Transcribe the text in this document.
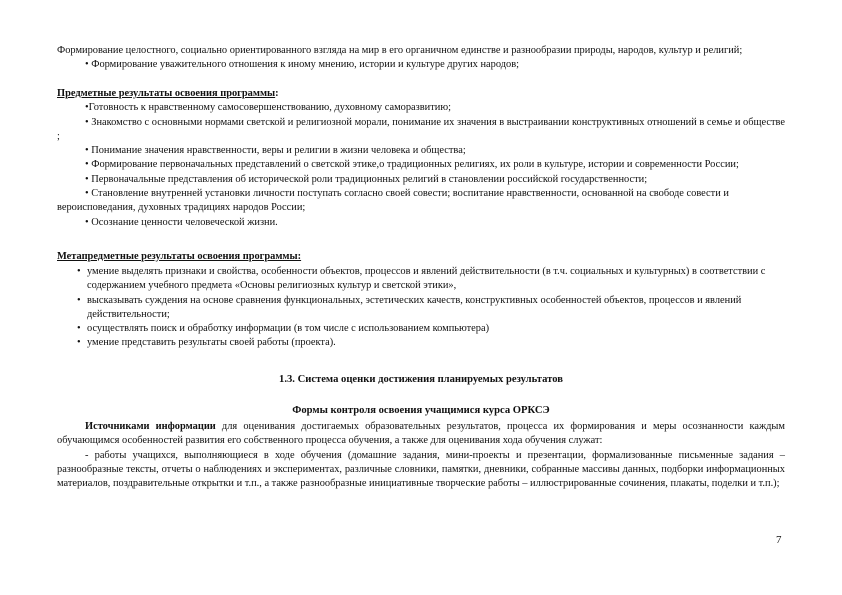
Формирование целостного, социально ориентированного взгляда на мир в его органичном единстве и разнообразии природы, народов, культур и религий;

• Формирование уважительного отношения к иному мнению, истории и культуре других народов;

Предметные результаты освоения программы:

•Готовность к нравственному самосовершенствованию, духовному саморазвитию;

• Знакомство с основными нормами светской и религиозной морали, понимание их значения в выстраивании конструктивных отношений в семье и обществе ;

• Понимание значения нравственности, веры и религии в жизни человека и общества;

• Формирование первоначальных представлений о светской этике,о традиционных религиях, их роли в культуре, истории и современности России;

• Первоначальные представления об исторической роли традиционных религий в становлении российской государственности;

• Становление внутренней установки личности поступать согласно своей совести; воспитание нравственности, основанной на свободе совести и вероисповедания, духовных традициях народов России;

• Осознание ценности человеческой жизни.

Метапредметные результаты освоения программы:

• умение выделять признаки и свойства, особенности объектов, процессов и явлений действительности (в т.ч. социальных и культурных) в соответствии с содержанием учебного предмета «Основы религиозных культур и светской этики»,
• высказывать суждения на основе сравнения функциональных, эстетических качеств, конструктивных особенностей объектов, процессов и явлений действительности;
• осуществлять поиск и обработку информации (в том числе с использованием компьютера)
• умение представить результаты своей работы (проекта).
1.3. Система оценки достижения планируемых результатов
Формы контроля освоения учащимися курса ОРКСЭ

Источниками информации для оценивания достигаемых образовательных результатов, процесса их формирования и меры осознанности каждым обучающимся особенностей развития его собственного процесса обучения, а также для оценивания хода обучения служат:

- работы учащихся, выполняющиеся в ходе обучения (домашние задания, мини-проекты и презентации, формализованные письменные задания – разнообразные тексты, отчеты о наблюдениях и экспериментах, различные словники, памятки, дневники, собранные массивы данных, подборки информационных материалов, поздравительные открытки и т.п., а также разнообразные инициативные творческие работы – иллюстрированные сочинения, плакаты, поделки и т.п.);

7
